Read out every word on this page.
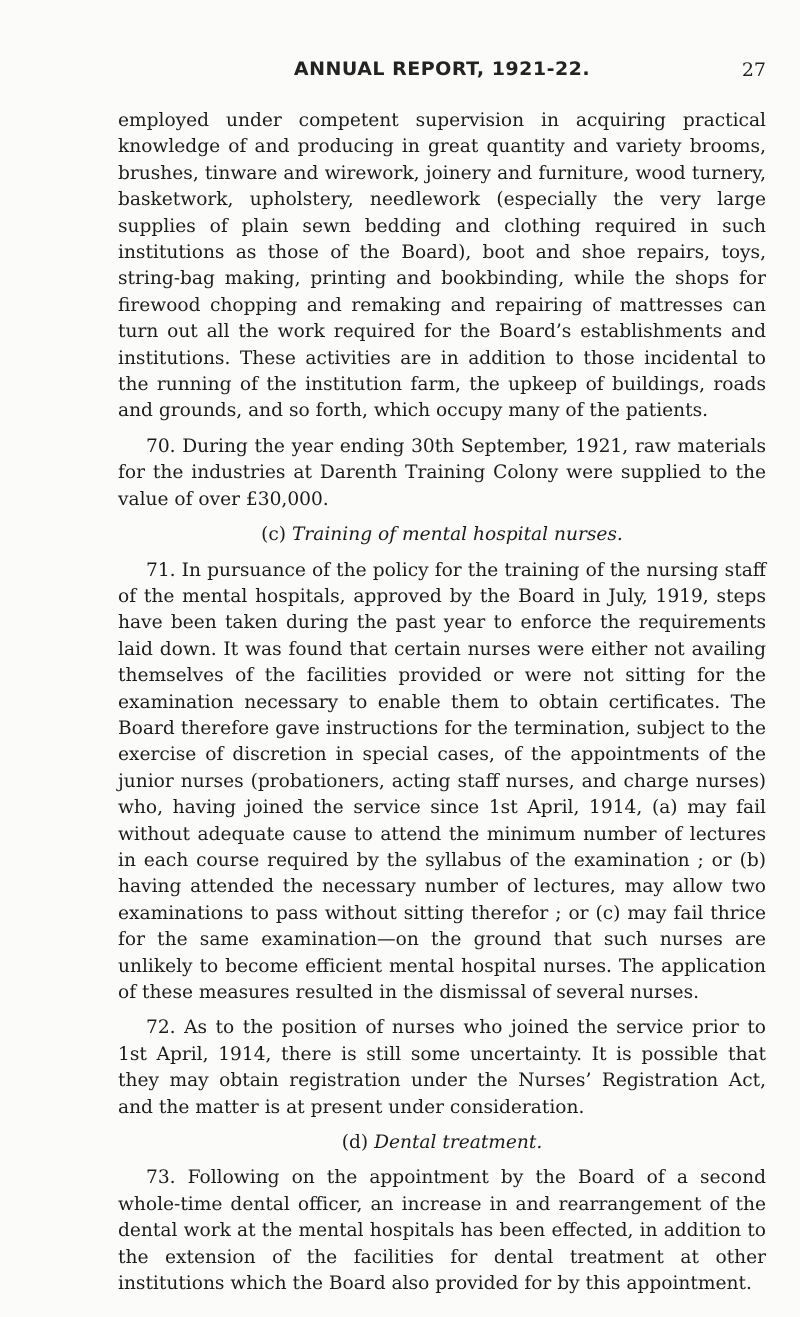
ANNUAL REPORT, 1921-22.	27

employed under competent supervision in acquiring practical knowledge of and producing in great quantity and variety brooms, brushes, tinware and wirework, joinery and furniture, wood turnery, basketwork, upholstery, needlework (especially the very large supplies of plain sewn bedding and clothing required in such institutions as those of the Board), boot and shoe repairs, toys, string-bag making, printing and bookbinding, while the shops for firewood chopping and remaking and repairing of mattresses can turn out all the work required for the Board’s establishments and institutions. These activities are in addition to those incidental to the running of the institution farm, the upkeep of buildings, roads and grounds, and so forth, which occupy many of the patients.

70. During the year ending 30th September, 1921, raw materials for the industries at Darenth Training Colony were supplied to the value of over £30,000.

(c) Training of mental hospital nurses.

71. In pursuance of the policy for the training of the nursing staff of the mental hospitals, approved by the Board in July, 1919, steps have been taken during the past year to enforce the requirements laid down. It was found that certain nurses were either not availing themselves of the facilities provided or were not sitting for the examination necessary to enable them to obtain certificates. The Board therefore gave instructions for the termination, subject to the exercise of discretion in special cases, of the appointments of the junior nurses (probationers, acting staff nurses, and charge nurses) who, having joined the service since 1st April, 1914, (a) may fail without adequate cause to attend the minimum number of lectures in each course required by the syllabus of the examination ; or (b) having attended the necessary number of lectures, may allow two examinations to pass without sitting therefor ; or (c) may fail thrice for the same examination—on the ground that such nurses are unlikely to become efficient mental hospital nurses. The application of these measures resulted in the dismissal of several nurses.

72. As to the position of nurses who joined the service prior to 1st April, 1914, there is still some uncertainty. It is possible that they may obtain registration under the Nurses’ Registration Act, and the matter is at present under consideration.

(d) Dental treatment.

73. Following on the appointment by the Board of a second whole-time dental officer, an increase in and rearrangement of the dental work at the mental hospitals has been effected, in addition to the extension of the facilities for dental treatment at other institutions which the Board also provided for by this appointment.
